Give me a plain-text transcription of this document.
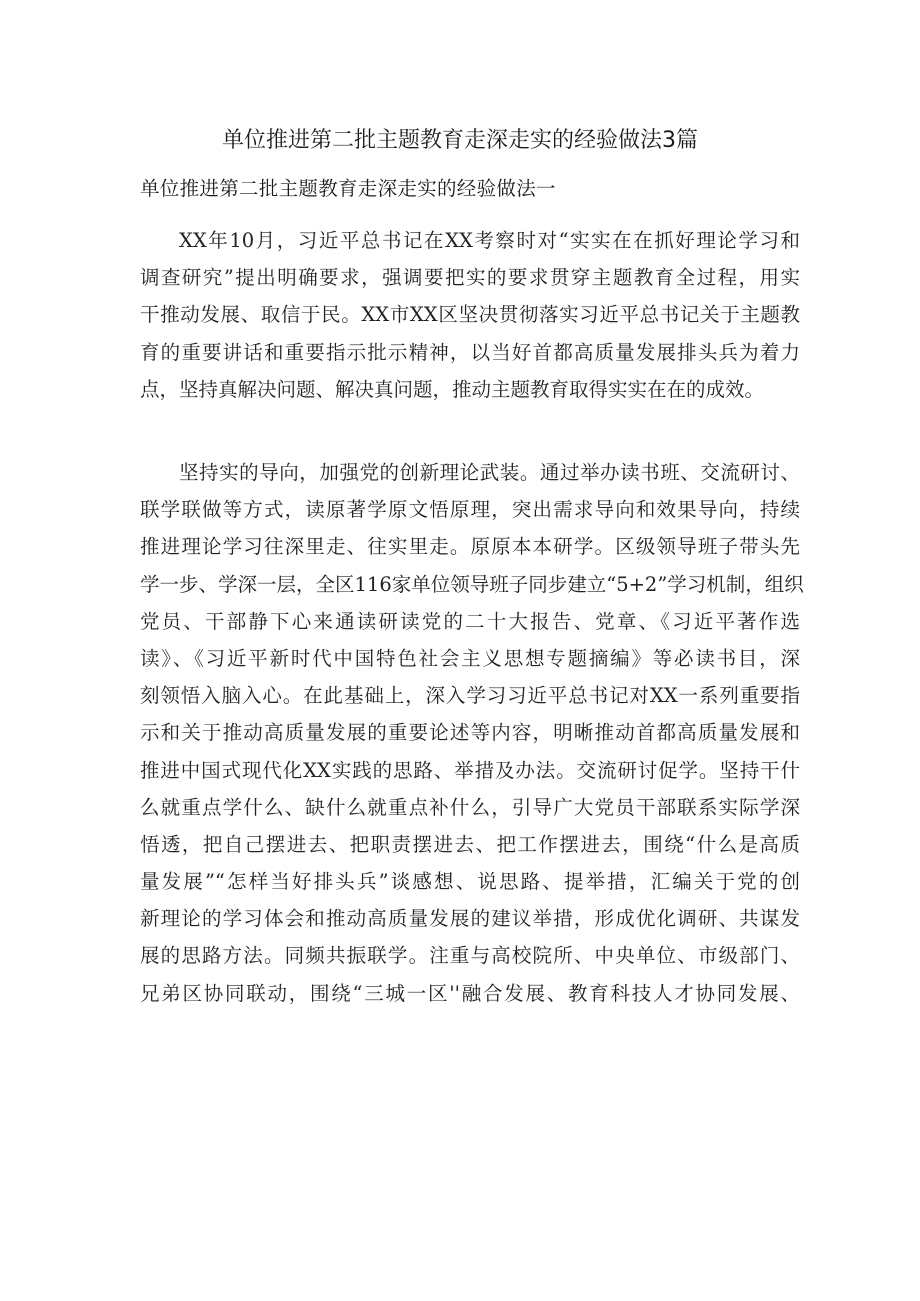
单位推进第二批主题教育走深走实的经验做法3篇
单位推进第二批主题教育走深走实的经验做法一
XX年10月，习近平总书记在XX考察时对“实实在在抓好理论学习和
调查研究”提出明确要求，强调要把实的要求贯穿主题教育全过程，用实
干推动发展、取信于民。XX市XX区坚决贯彻落实习近平总书记关于主题教
育的重要讲话和重要指示批示精神，以当好首都高质量发展排头兵为着力
点，坚持真解决问题、解决真问题，推动主题教育取得实实在在的成效。
坚持实的导向，加强党的创新理论武装。通过举办读书班、交流研讨、
联学联做等方式，读原著学原文悟原理，突出需求导向和效果导向，持续
推进理论学习往深里走、往实里走。原原本本研学。区级领导班子带头先
学一步、学深一层，全区116家单位领导班子同步建立“5+2”学习机制，组织
党员、干部静下心来通读研读党的二十大报告、党章、《习近平著作选
读》、《习近平新时代中国特色社会主义思想专题摘编》等必读书目，深
刻领悟入脑入心。在此基础上，深入学习习近平总书记对XX一系列重要指
示和关于推动高质量发展的重要论述等内容，明晰推动首都高质量发展和
推进中国式现代化XX实践的思路、举措及办法。交流研讨促学。坚持干什
么就重点学什么、缺什么就重点补什么，引导广大党员干部联系实际学深
悟透，把自己摆进去、把职责摆进去、把工作摆进去，围绕“什么是高质
量发展”“怎样当好排头兵”谈感想、说思路、提举措，汇编关于党的创
新理论的学习体会和推动高质量发展的建议举措，形成优化调研、共谋发
展的思路方法。同频共振联学。注重与高校院所、中央单位、市级部门、
兄弟区协同联动，围绕“三城一区''融合发展、教育科技人才协同发展、
